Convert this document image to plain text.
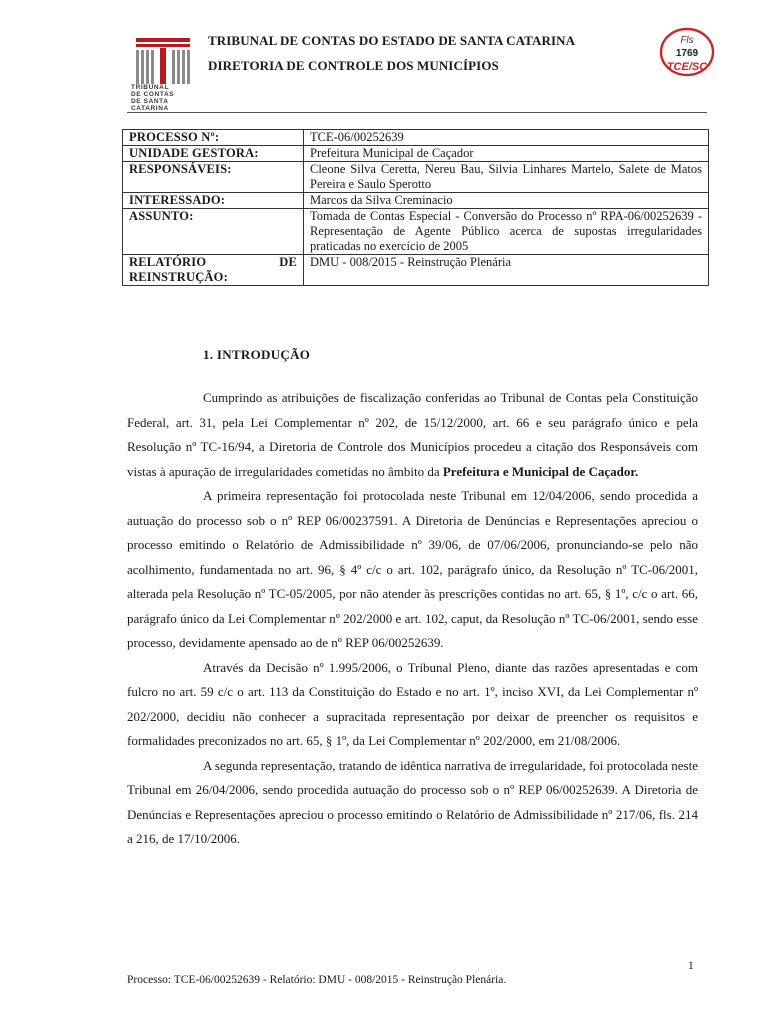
TRIBUNAL
DE CONTAS
DE SANTA
CATARINA
TRIBUNAL DE CONTAS DO ESTADO DE SANTA CATARINA
DIRETORIA DE CONTROLE DOS MUNICÍPIOS
Fls
1769
TCE/SC
PROCESSO Nº:	TCE-06/00252639
UNIDADE GESTORA:	Prefeitura Municipal de Caçador
RESPONSÁVEIS:	Cleone Silva Ceretta, Nereu Bau, Silvia Linhares Martelo, Salete de Matos Pereira e Saulo Sperotto
INTERESSADO:	Marcos da Silva Creminacio
ASSUNTO:	Tomada de Contas Especial - Conversão do Processo nº RPA-06/00252639 - Representação de Agente Público acerca de supostas irregularidades praticadas no exercício de 2005

RELATÓRIO DE
REINSTRUÇÃO:	DMU - 008/2015 - Reinstrução Plenária
1. INTRODUÇÃO

Cumprindo as atribuições de fiscalização conferidas ao Tribunal de Contas pela Constituição Federal, art. 31, pela Lei Complementar nº 202, de 15/12/2000, art. 66 e seu parágrafo único e pela Resolução nº TC-16/94, a Diretoria de Controle dos Municípios procedeu a citação dos Responsáveis com vistas à apuração de irregularidades cometidas no âmbito da Prefeitura e Municipal de Caçador.

A primeira representação foi protocolada neste Tribunal em 12/04/2006, sendo procedida a autuação do processo sob o nº REP 06/00237591. A Diretoria de Denúncias e Representações apreciou o processo emitindo o Relatório de Admissibilidade nº 39/06, de 07/06/2006, pronunciando-se pelo não acolhimento, fundamentada no art. 96, § 4º c/c o art. 102, parágrafo único, da Resolução nº TC-06/2001, alterada pela Resolução nº TC-05/2005, por não atender às prescrições contidas no art. 65, § 1º, c/c o art. 66, parágrafo único da Lei Complementar nº 202/2000 e art. 102, caput, da Resolução nº TC-06/2001, sendo esse processo, devidamente apensado ao de nº REP 06/00252639.

Através da Decisão nº 1.995/2006, o Tribunal Pleno, diante das razões apresentadas e com fulcro no art. 59 c/c o art. 113 da Constituição do Estado e no art. 1º, inciso XVI, da Lei Complementar nº 202/2000, decidiu não conhecer a supracitada representação por deixar de preencher os requisitos e formalidades preconizados no art. 65, § 1º, da Lei Complementar nº 202/2000, em 21/08/2006.

A segunda representação, tratando de idêntica narrativa de irregularidade, foi protocolada neste Tribunal em 26/04/2006, sendo procedida autuação do processo sob o nº REP 06/00252639. A Diretoria de Denúncias e Representações apreciou o processo emitindo o Relatório de Admissibilidade nº 217/06, fls. 214 a 216, de 17/10/2006.

1
Processo: TCE-06/00252639 - Relatório: DMU - 008/2015 - Reinstrução Plenária.
